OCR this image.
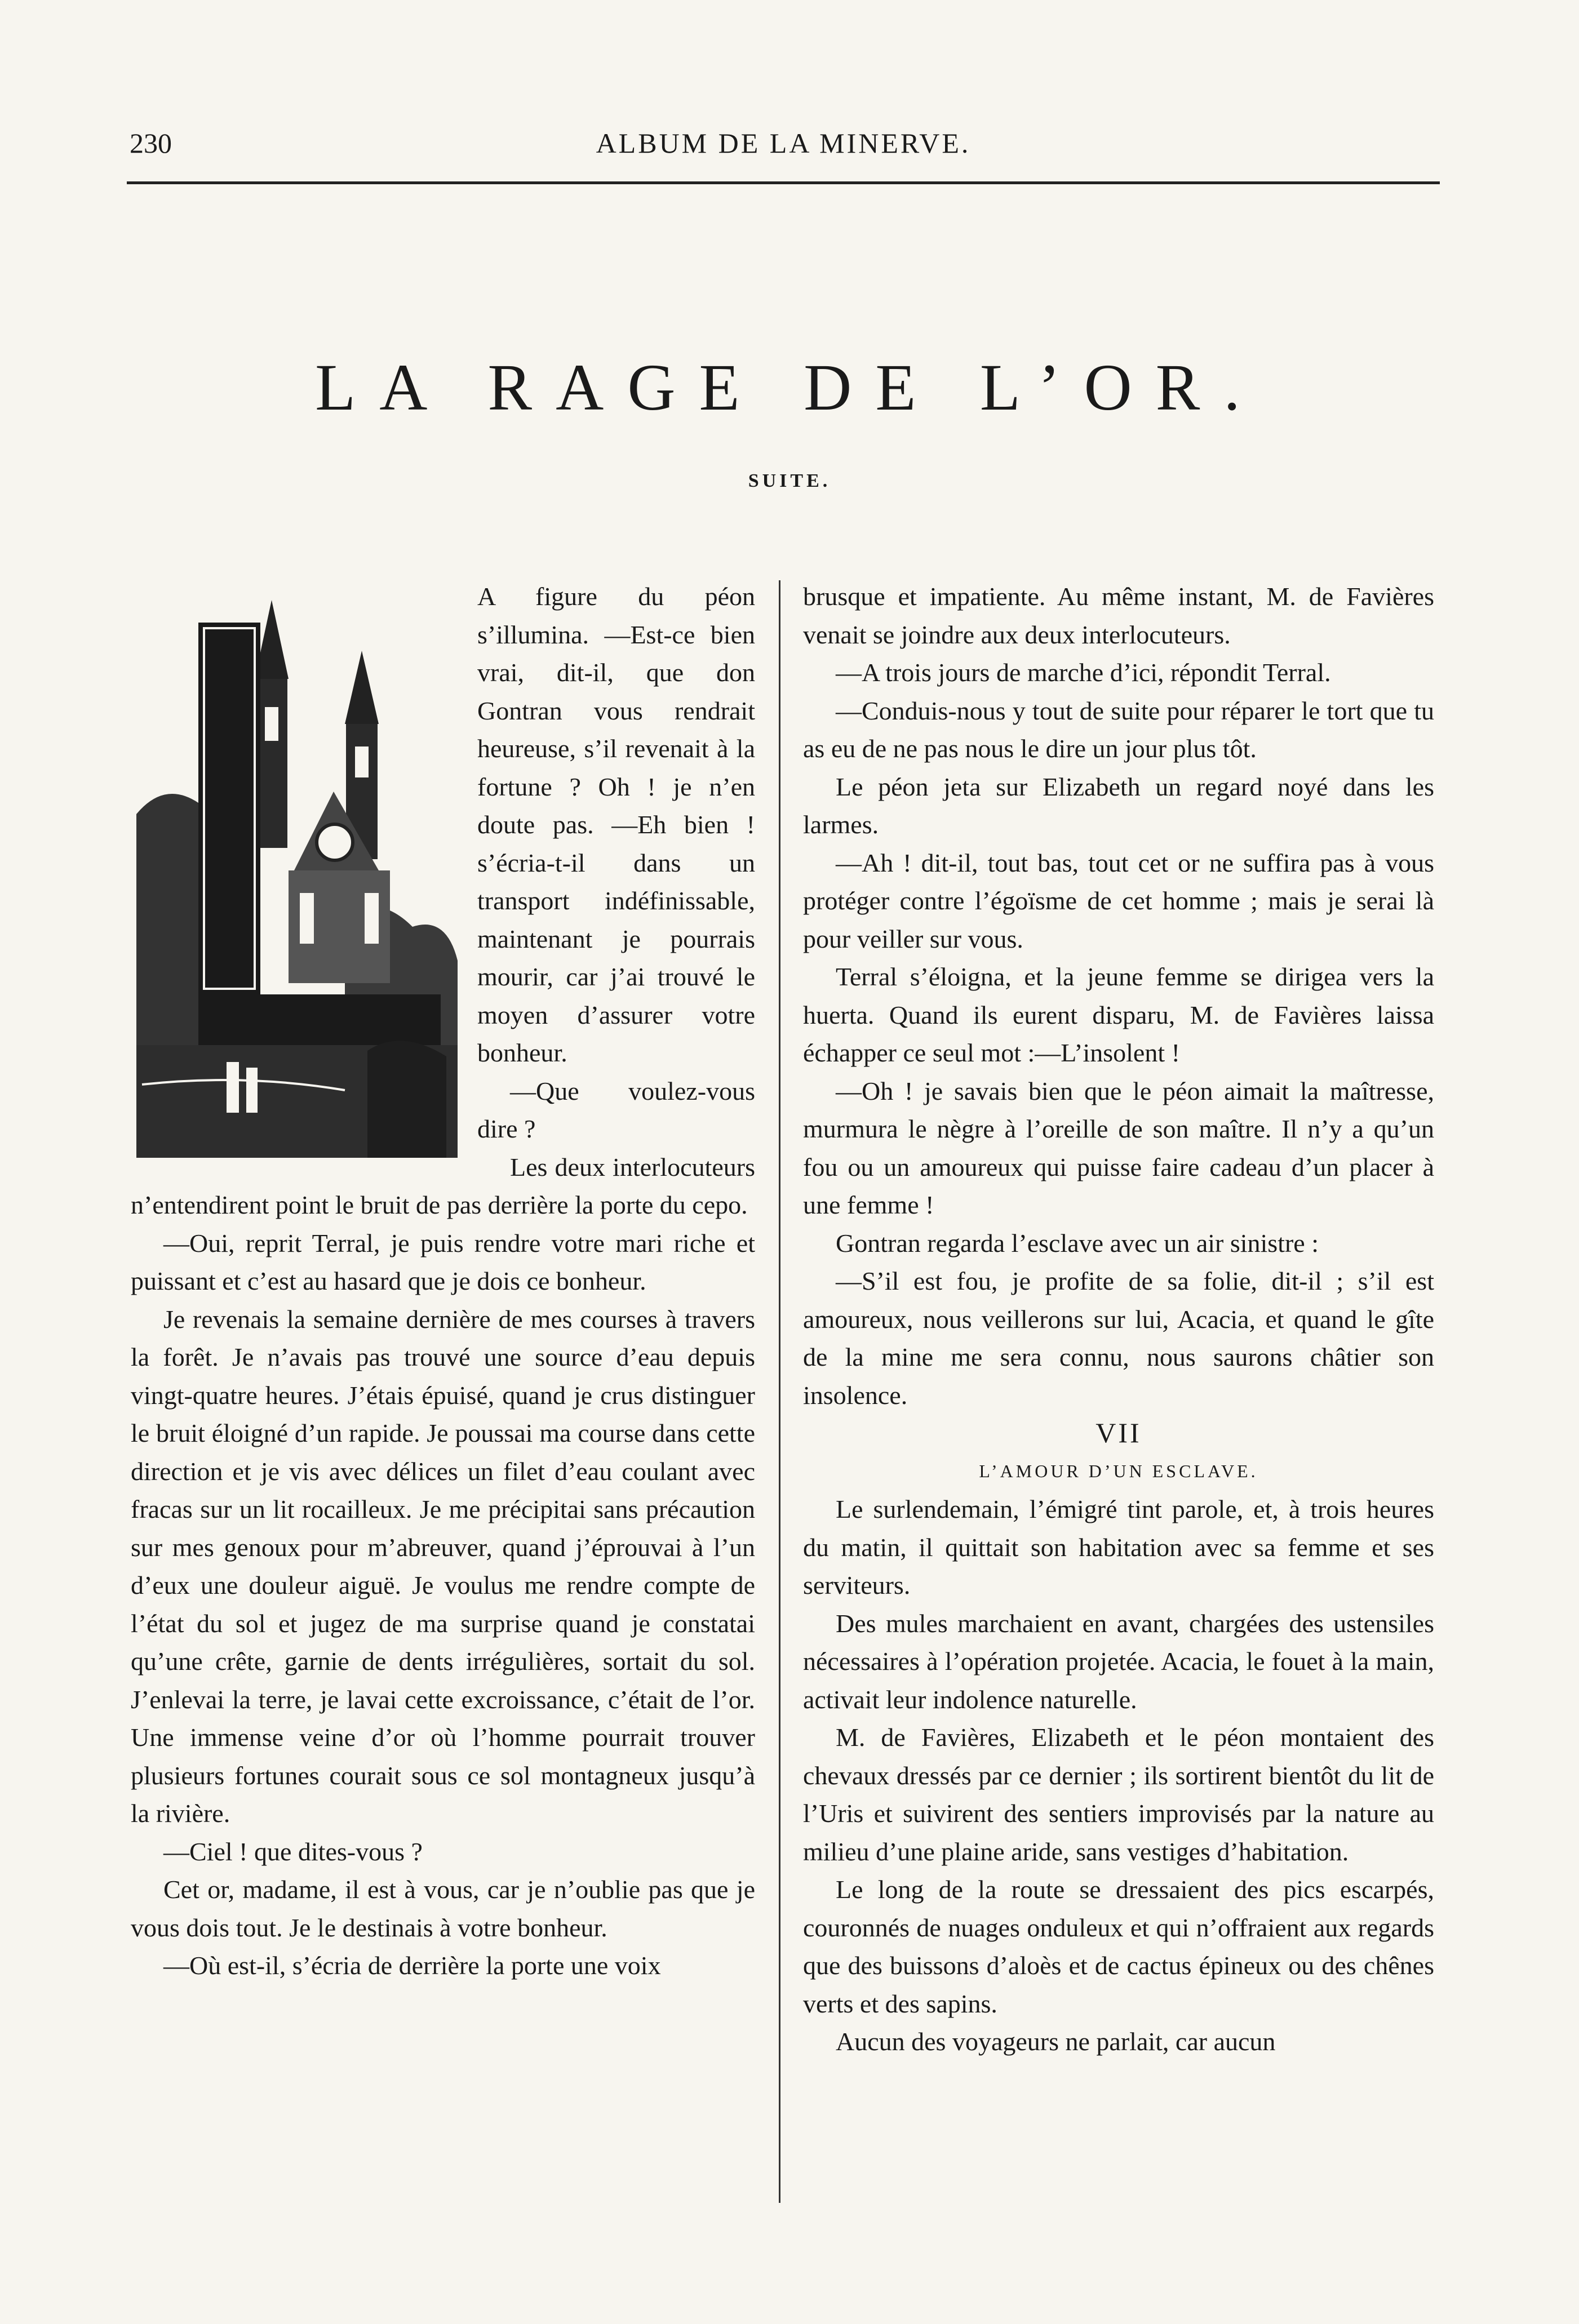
230	ALBUM DE LA MINERVE.
LA RAGE DE L’OR.
SUITE.

A figure du péon s’illumina. —Est-ce bien vrai, dit-il, que don Gontran vous rendrait heureuse, s’il revenait à la fortune ? Oh ! je n’en doute pas. —Eh bien ! s’écria-t-il dans un transport indéfinissable, maintenant je pourrais mourir, car j’ai trouvé le moyen d’assurer votre bonheur.

—Que voulez-vous dire ?

Les deux interlocuteurs n’entendirent point le bruit de pas derrière la porte du cepo.

—Oui, reprit Terral, je puis rendre votre mari riche et puissant et c’est au hasard que je dois ce bonheur.

Je revenais la semaine dernière de mes courses à travers la forêt. Je n’avais pas trouvé une source d’eau depuis vingt-quatre heures. J’étais épuisé, quand je crus distinguer le bruit éloigné d’un rapide. Je poussai ma course dans cette direction et je vis avec délices un filet d’eau coulant avec fracas sur un lit rocailleux. Je me précipitai sans précaution sur mes genoux pour m’abreuver, quand j’éprouvai à l’un d’eux une douleur aiguë. Je voulus me rendre compte de l’état du sol et jugez de ma surprise quand je constatai qu’une crête, garnie de dents irrégulières, sortait du sol. J’enlevai la terre, je lavai cette excroissance, c’était de l’or. Une immense veine d’or où l’homme pourrait trouver plusieurs fortunes courait sous ce sol montagneux jusqu’à la rivière.

—Ciel ! que dites-vous ?

Cet or, madame, il est à vous, car je n’oublie pas que je vous dois tout. Je le destinais à votre bonheur.

—Où est-il, s’écria de derrière la porte une voix

brusque et impatiente. Au même instant, M. de Favières venait se joindre aux deux interlocuteurs.

—A trois jours de marche d’ici, répondit Terral.

—Conduis-nous y tout de suite pour réparer le tort que tu as eu de ne pas nous le dire un jour plus tôt.

Le péon jeta sur Elizabeth un regard noyé dans les larmes.

—Ah ! dit-il, tout bas, tout cet or ne suffira pas à vous protéger contre l’égoïsme de cet homme ; mais je serai là pour veiller sur vous.

Terral s’éloigna, et la jeune femme se dirigea vers la huerta. Quand ils eurent disparu, M. de Favières laissa échapper ce seul mot :—L’insolent !

—Oh ! je savais bien que le péon aimait la maîtresse, murmura le nègre à l’oreille de son maître. Il n’y a qu’un fou ou un amoureux qui puisse faire cadeau d’un placer à une femme !

Gontran regarda l’esclave avec un air sinistre :

—S’il est fou, je profite de sa folie, dit-il ; s’il est amoureux, nous veillerons sur lui, Acacia, et quand le gîte de la mine me sera connu, nous saurons châtier son insolence.

VII

L’AMOUR D’UN ESCLAVE.

Le surlendemain, l’émigré tint parole, et, à trois heures du matin, il quittait son habitation avec sa femme et ses serviteurs.

Des mules marchaient en avant, chargées des ustensiles nécessaires à l’opération projetée. Acacia, le fouet à la main, activait leur indolence naturelle.

M. de Favières, Elizabeth et le péon montaient des chevaux dressés par ce dernier ; ils sortirent bientôt du lit de l’Uris et suivirent des sentiers improvisés par la nature au milieu d’une plaine aride, sans vestiges d’habitation.

Le long de la route se dressaient des pics escarpés, couronnés de nuages onduleux et qui n’offraient aux regards que des buissons d’aloès et de cactus épineux ou des chênes verts et des sapins.

Aucun des voyageurs ne parlait, car aucun
